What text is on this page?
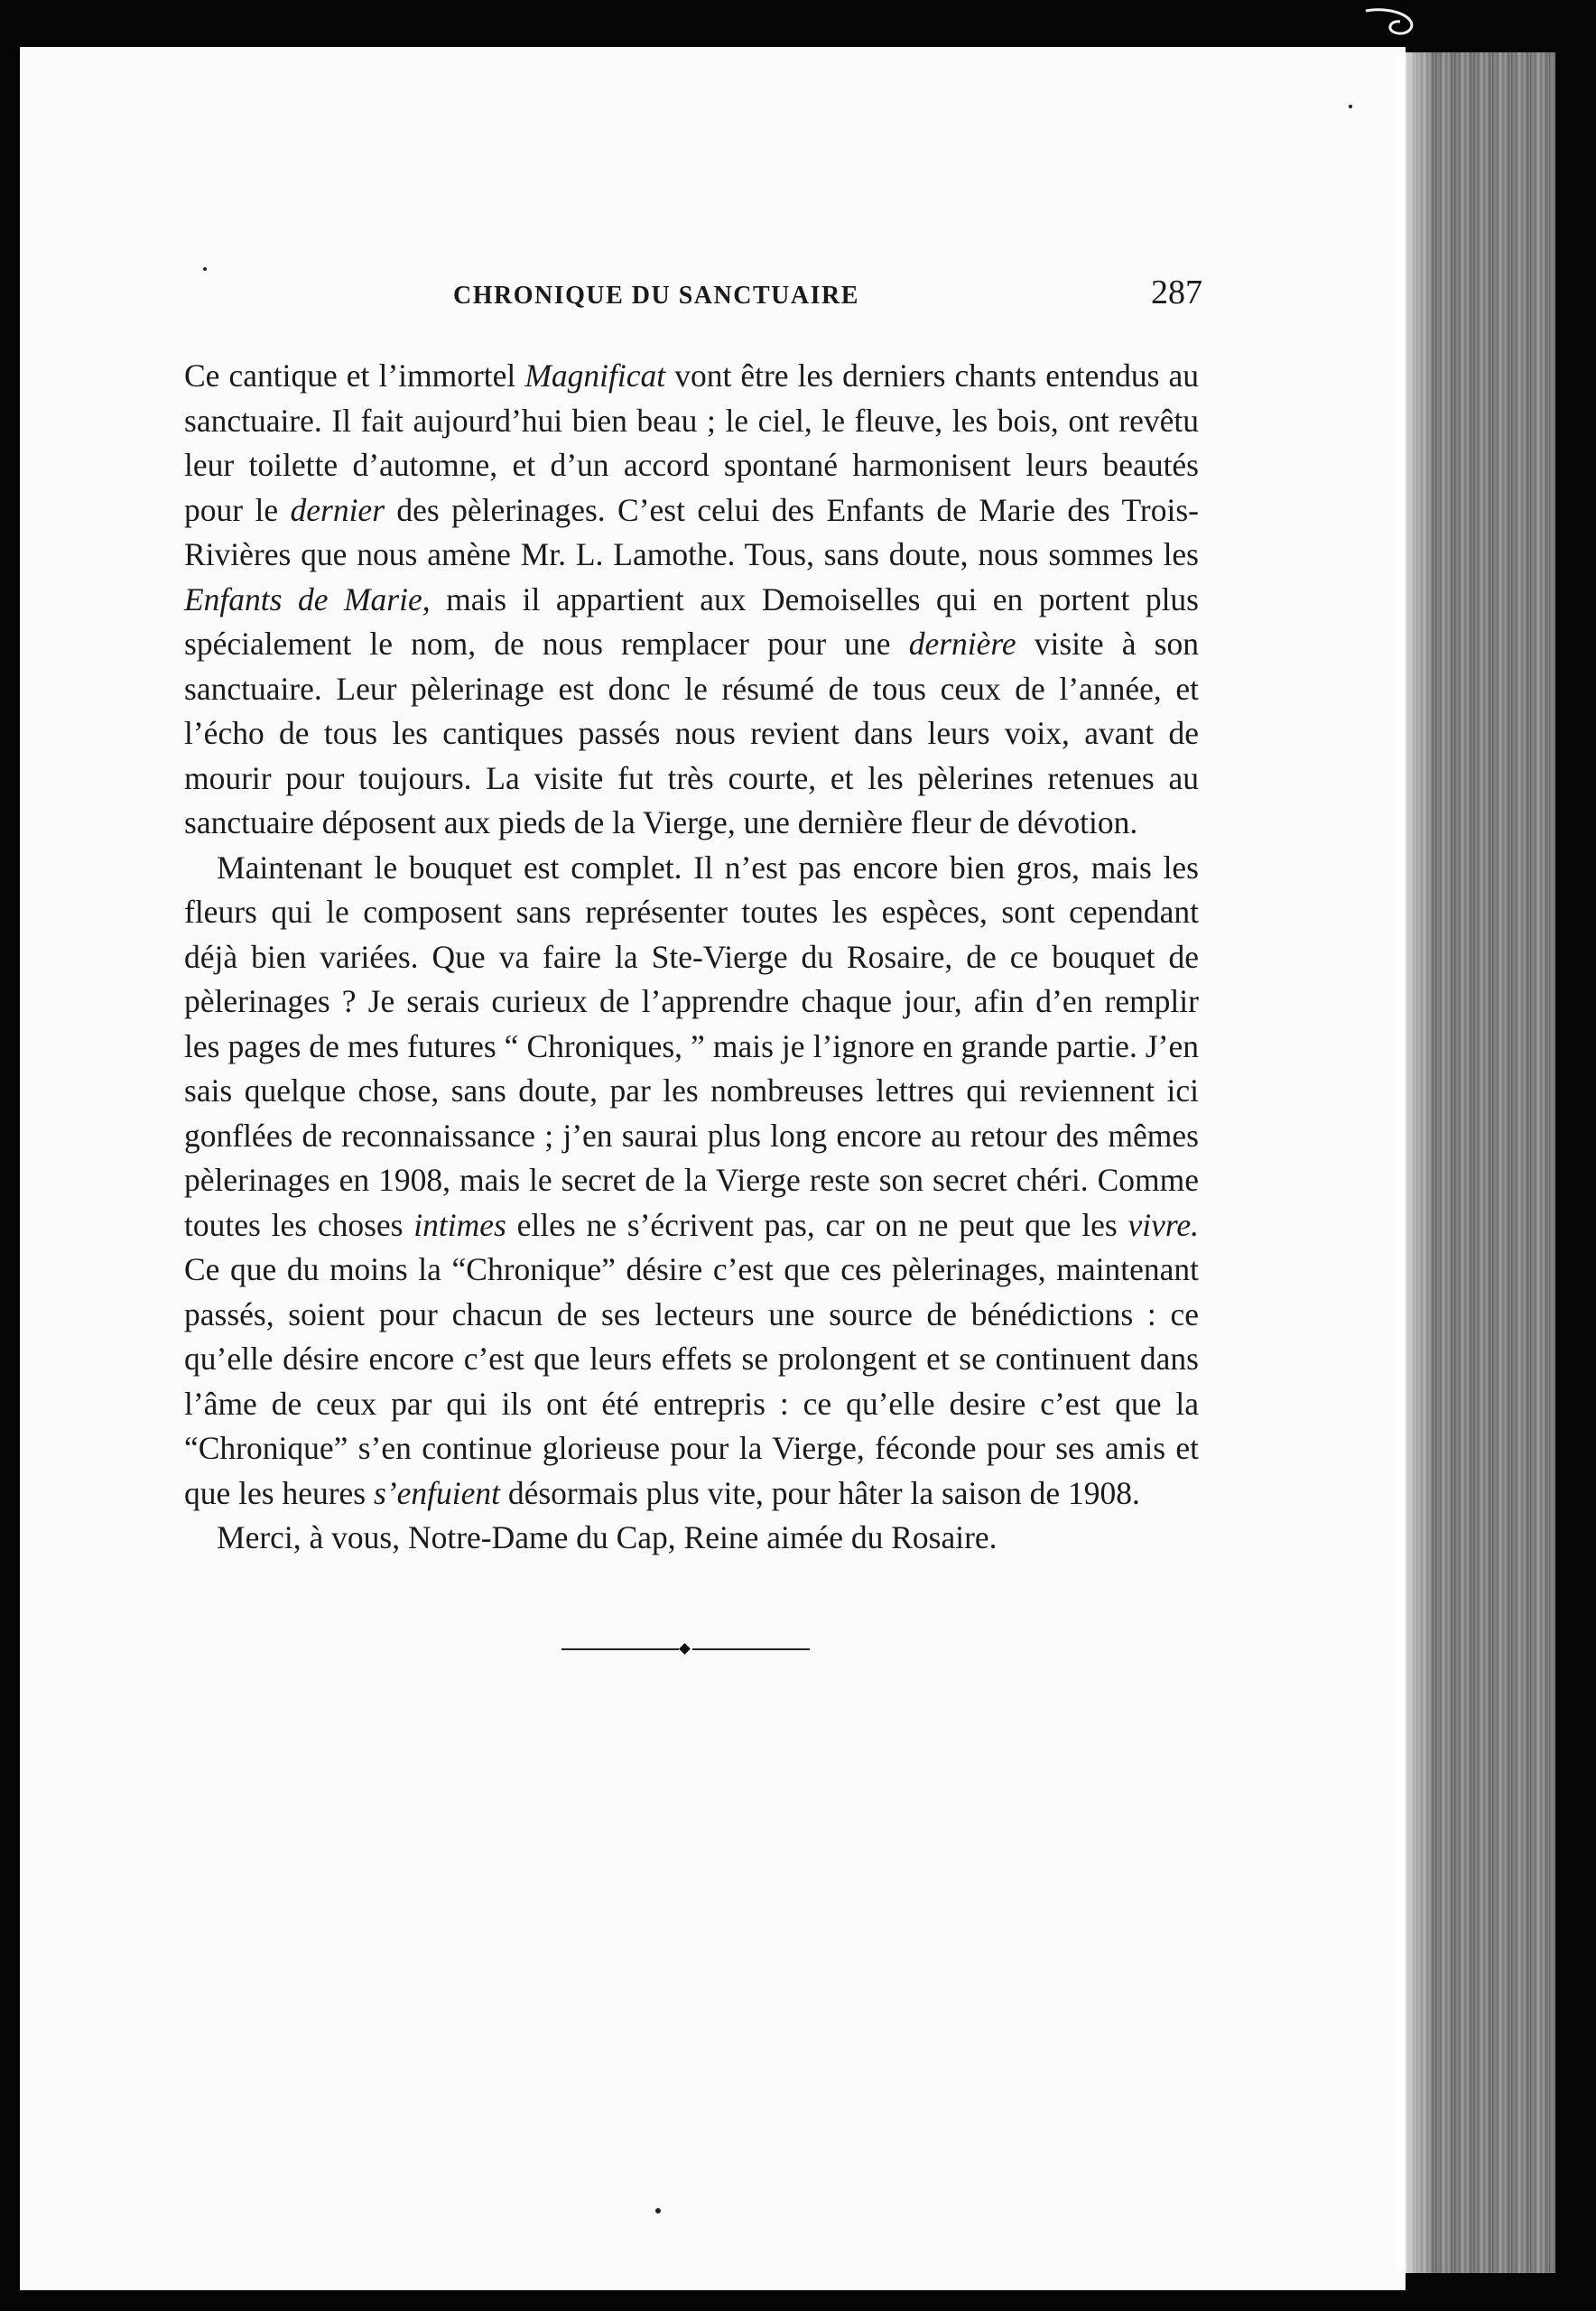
CHRONIQUE DU SANCTUAIRE	287

Ce cantique et l’immortel Magnificat vont être les derniers chants entendus au sanctuaire. Il fait aujourd’hui bien beau ; le ciel, le fleuve, les bois, ont revêtu leur toilette d’automne, et d’un accord spontané harmonisent leurs beautés pour le dernier des pèlerinages. C’est celui des Enfants de Marie des Trois-Rivières que nous amène Mr. L. Lamothe. Tous, sans doute, nous sommes les Enfants de Marie, mais il appartient aux Demoiselles qui en portent plus spécialement le nom, de nous remplacer pour une dernière visite à son sanctuaire. Leur pèlerinage est donc le résumé de tous ceux de l’année, et l’écho de tous les cantiques passés nous revient dans leurs voix, avant de mourir pour toujours. La visite fut très courte, et les pèlerines retenues au sanctuaire déposent aux pieds de la Vierge, une dernière fleur de dévotion.

Maintenant le bouquet est complet. Il n’est pas encore bien gros, mais les fleurs qui le composent sans représenter toutes les espèces, sont cependant déjà bien variées. Que va faire la Ste-Vierge du Rosaire, de ce bouquet de pèlerinages ? Je serais curieux de l’apprendre chaque jour, afin d’en remplir les pages de mes futures “ Chroniques, ” mais je l’ignore en grande partie. J’en sais quelque chose, sans doute, par les nombreuses lettres qui reviennent ici gonflées de reconnaissance ; j’en saurai plus long encore au retour des mêmes pèlerinages en 1908, mais le secret de la Vierge reste son secret chéri. Comme toutes les choses intimes elles ne s’écrivent pas, car on ne peut que les vivre. Ce que du moins la “Chronique” désire c’est que ces pèlerinages, maintenant passés, soient pour chacun de ses lecteurs une source de bénédictions : ce qu’elle désire encore c’est que leurs effets se prolongent et se continuent dans l’âme de ceux par qui ils ont été entrepris : ce qu’elle desire c’est que la “Chronique” s’en continue glorieuse pour la Vierge, féconde pour ses amis et que les heures s’enfuient désormais plus vite, pour hâter la saison de 1908.

Merci, à vous, Notre-Dame du Cap, Reine aimée du Rosaire.
